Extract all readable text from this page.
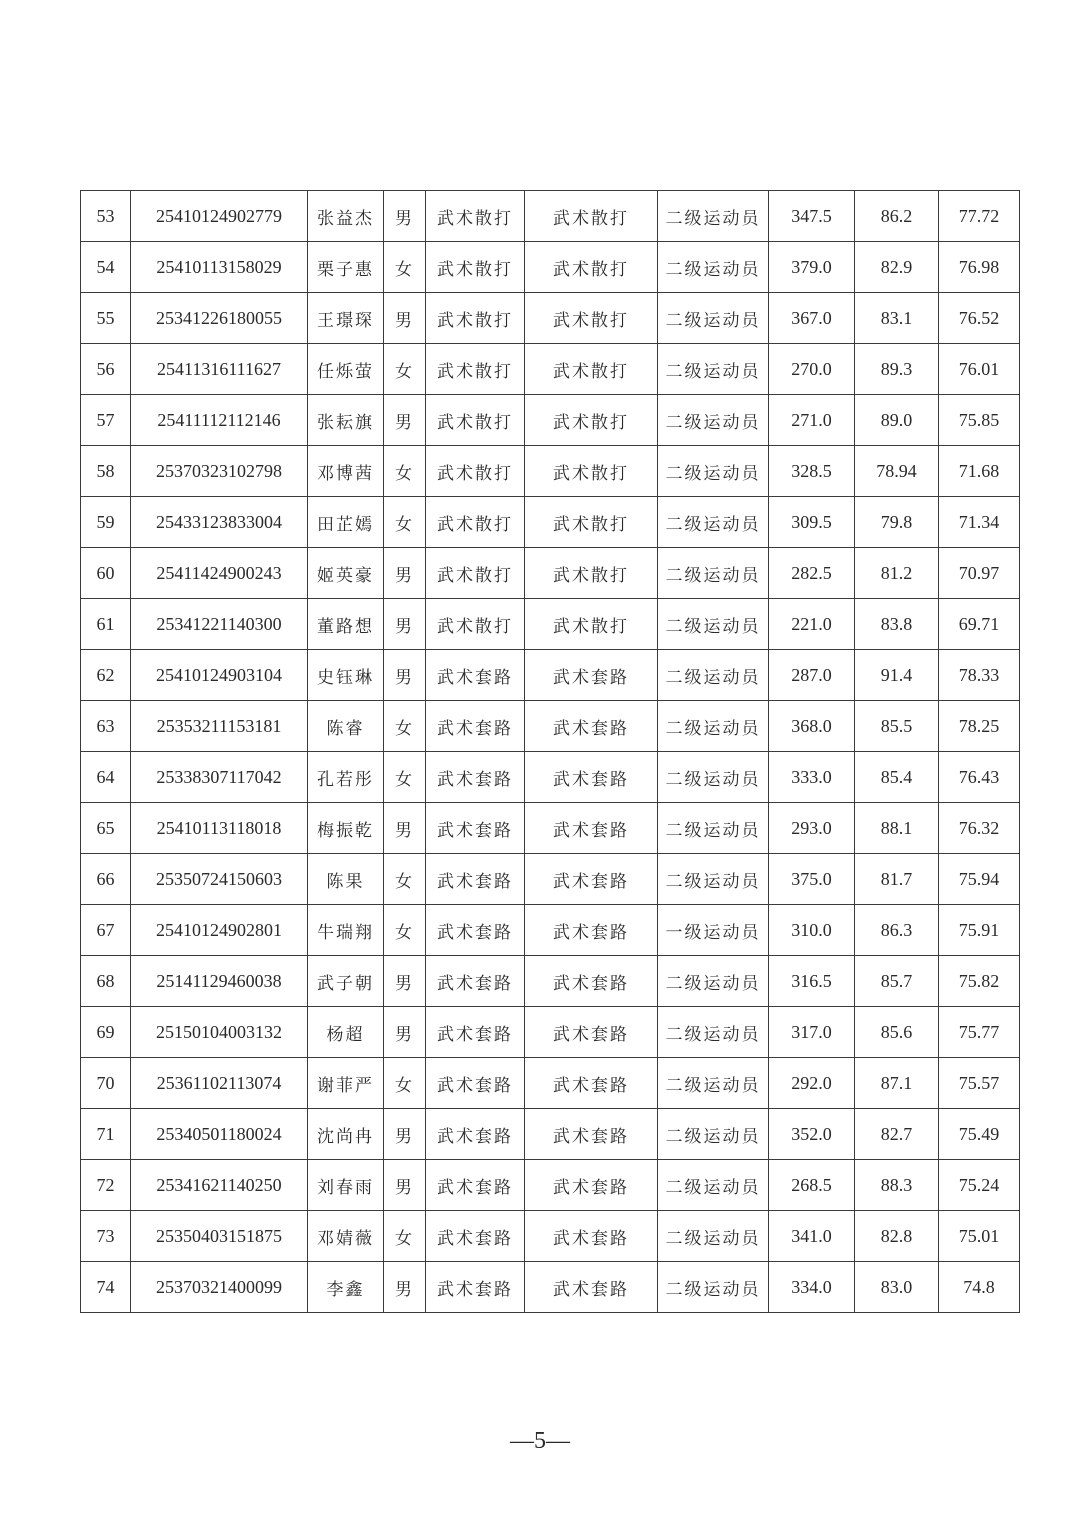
53	25410124902779	张益杰	男	武术散打	武术散打	二级运动员	347.5	86.2	77.72
54	25410113158029	栗子惠	女	武术散打	武术散打	二级运动员	379.0	82.9	76.98
55	25341226180055	王璟琛	男	武术散打	武术散打	二级运动员	367.0	83.1	76.52
56	25411316111627	任烁萤	女	武术散打	武术散打	二级运动员	270.0	89.3	76.01
57	25411112112146	张耘旗	男	武术散打	武术散打	二级运动员	271.0	89.0	75.85
58	25370323102798	邓博茜	女	武术散打	武术散打	二级运动员	328.5	78.94	71.68
59	25433123833004	田芷嫣	女	武术散打	武术散打	二级运动员	309.5	79.8	71.34
60	25411424900243	姬英豪	男	武术散打	武术散打	二级运动员	282.5	81.2	70.97
61	25341221140300	董路想	男	武术散打	武术散打	二级运动员	221.0	83.8	69.71
62	25410124903104	史钰琳	男	武术套路	武术套路	二级运动员	287.0	91.4	78.33
63	25353211153181	陈睿	女	武术套路	武术套路	二级运动员	368.0	85.5	78.25
64	25338307117042	孔若彤	女	武术套路	武术套路	二级运动员	333.0	85.4	76.43
65	25410113118018	梅振乾	男	武术套路	武术套路	二级运动员	293.0	88.1	76.32
66	25350724150603	陈果	女	武术套路	武术套路	二级运动员	375.0	81.7	75.94
67	25410124902801	牛瑞翔	女	武术套路	武术套路	一级运动员	310.0	86.3	75.91
68	25141129460038	武子朝	男	武术套路	武术套路	二级运动员	316.5	85.7	75.82
69	25150104003132	杨超	男	武术套路	武术套路	二级运动员	317.0	85.6	75.77
70	25361102113074	谢菲严	女	武术套路	武术套路	二级运动员	292.0	87.1	75.57
71	25340501180024	沈尚冉	男	武术套路	武术套路	二级运动员	352.0	82.7	75.49
72	25341621140250	刘春雨	男	武术套路	武术套路	二级运动员	268.5	88.3	75.24
73	25350403151875	邓婧薇	女	武术套路	武术套路	二级运动员	341.0	82.8	75.01
74	25370321400099	李鑫	男	武术套路	武术套路	二级运动员	334.0	83.0	74.8
—5—
